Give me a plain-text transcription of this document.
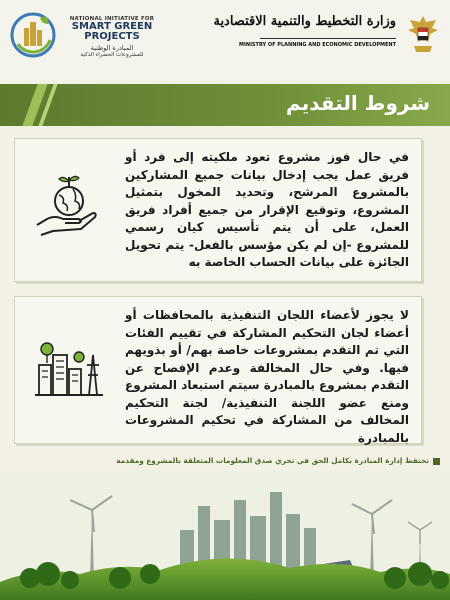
NATIONAL INITIATIVE FOR
SMART GREEN
PROJECTS
المبادرة الوطنية
للمشروعات الخضراء الذكية
وزارة التخطيط والتنمية الاقتصادية
MINISTRY OF PLANNING AND ECONOMIC DEVELOPMENT
شروط التقديم

في حال فوز مشروع تعود ملكيته إلى فرد أو فريق عمل يجب إدخال بيانات جميع المشاركين بالمشروع المرشح، وتحديد المخول بتمثيل المشروع، وتوقيع الإقرار من جميع أفراد فريق العمل، على أن يتم تأسيس كيان رسمي للمشروع -إن لم يكن مؤسس بالفعل- يتم تحويل الجائزة على بيانات الحساب الخاصة به

لا يجوز لأعضاء اللجان التنفيذية بالمحافظات أو أعضاء لجان التحكيم المشاركة في تقييم الفئات التي تم التقدم بمشروعات خاصة بهم/ أو بذويهم فيها. وفي حال المخالفة وعدم الإفصاح عن التقدم بمشروع بالمبادرة سيتم استبعاد المشروع ومنع عضو اللجنة التنفيذية/ لجنة التحكيم المخالف من المشاركة في تحكيم المشروعات بالمبادرة

تحتفظ إدارة المبادرة بكامل الحق في تحري صدق المعلومات المتعلقة بالمشروع ومقدمه
